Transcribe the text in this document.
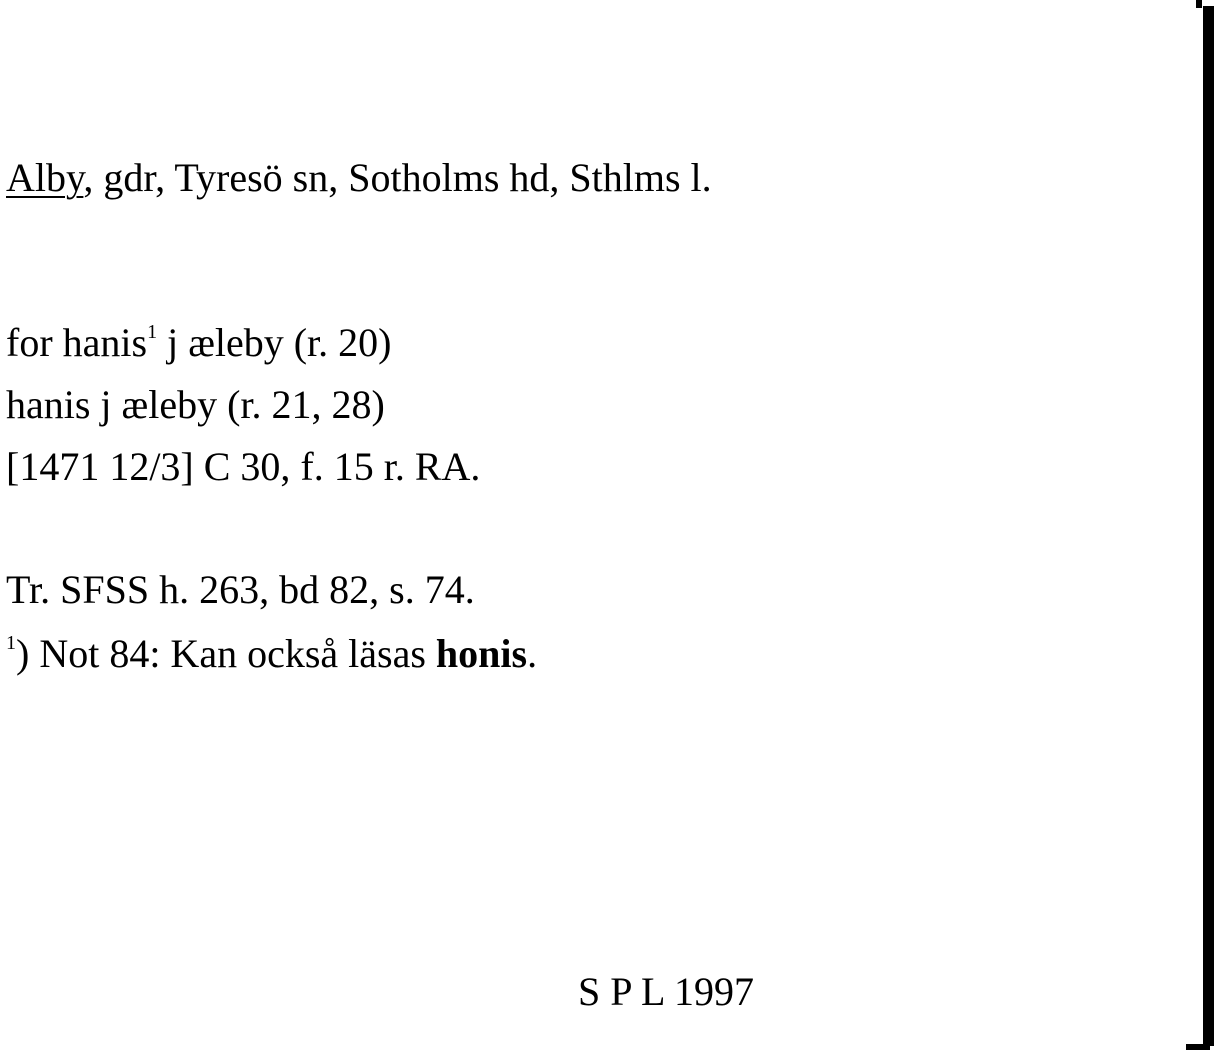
Alby, gdr, Tyresö sn, Sotholms hd, Sthlms l.

for hanis$^1$ j æleby (r. 20)

hanis j æleby (r. 21, 28)

[1471 12/3] C 30, f. 15 r. RA.

Tr. SFSS h. 263, bd 82, s. 74.

$^1$) Not 84: Kan också läsas honis.

S P L 1997
